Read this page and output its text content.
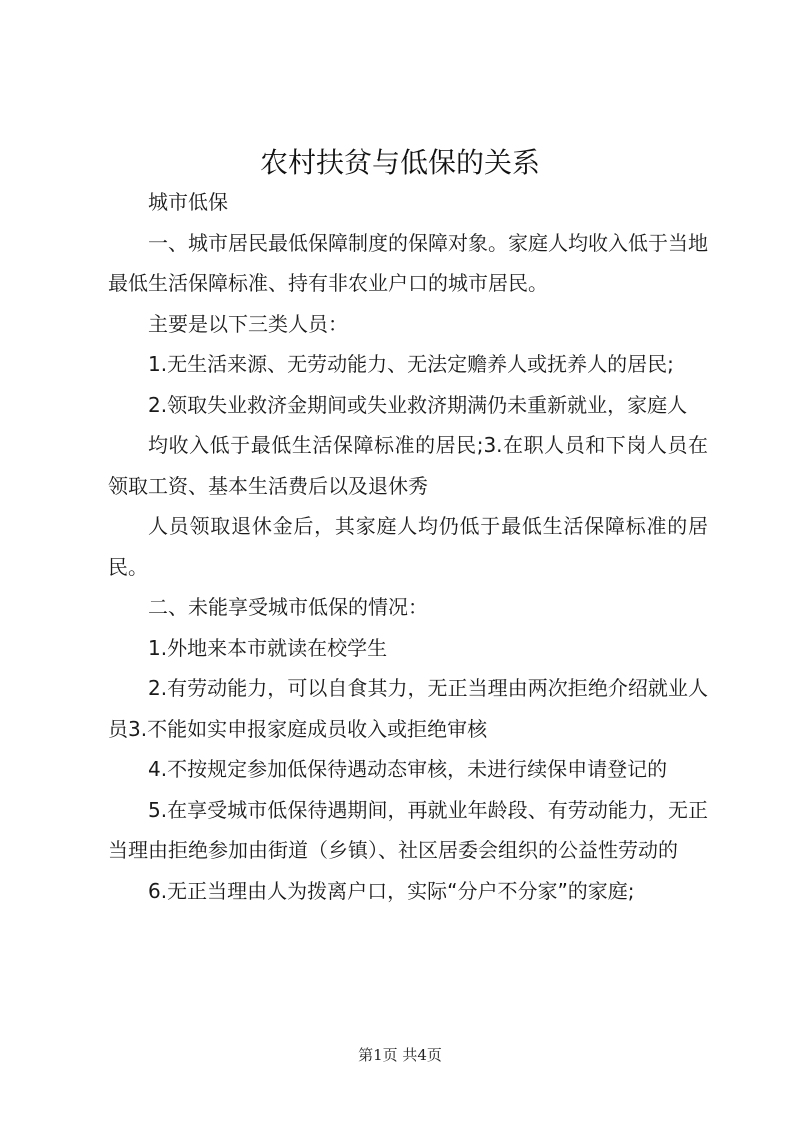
农村扶贫与低保的关系

城市低保

一、城市居民最低保障制度的保障对象。家庭人均收入低于当地最低生活保障标准、持有非农业户口的城市居民。

主要是以下三类人员：

1.无生活来源、无劳动能力、无法定赡养人或抚养人的居民;

2.领取失业救济金期间或失业救济期满仍未重新就业，家庭人

均收入低于最低生活保障标准的居民;3.在职人员和下岗人员在领取工资、基本生活费后以及退休秀

人员领取退休金后，其家庭人均仍低于最低生活保障标准的居民。

二、未能享受城市低保的情况：

1.外地来本市就读在校学生

2.有劳动能力，可以自食其力，无正当理由两次拒绝介绍就业人员3.不能如实申报家庭成员收入或拒绝审核

4.不按规定参加低保待遇动态审核，未进行续保申请登记的

5.在享受城市低保待遇期间，再就业年龄段、有劳动能力，无正当理由拒绝参加由街道（乡镇）、社区居委会组织的公益性劳动的

6.无正当理由人为拨离户口，实际“分户不分家”的家庭;

第1页 共4页
